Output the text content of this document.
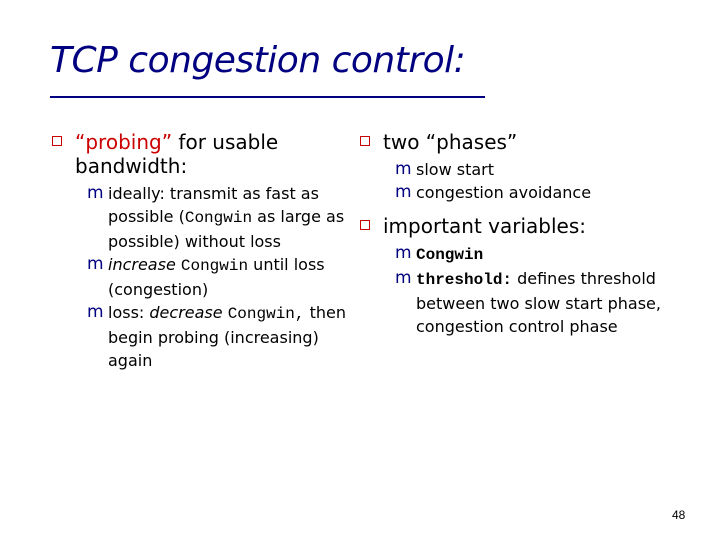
TCP congestion control:
“probing” for usable bandwidth:
m ideally: transmit as fast as possible (Congwin as large as possible) without loss
m increase Congwin until loss (congestion)
m loss: decrease Congwin, then begin probing (increasing) again
two “phases”
m slow start
m congestion avoidance
important variables:
m Congwin
m threshold: defines threshold between two slow start phase, congestion control phase
48
